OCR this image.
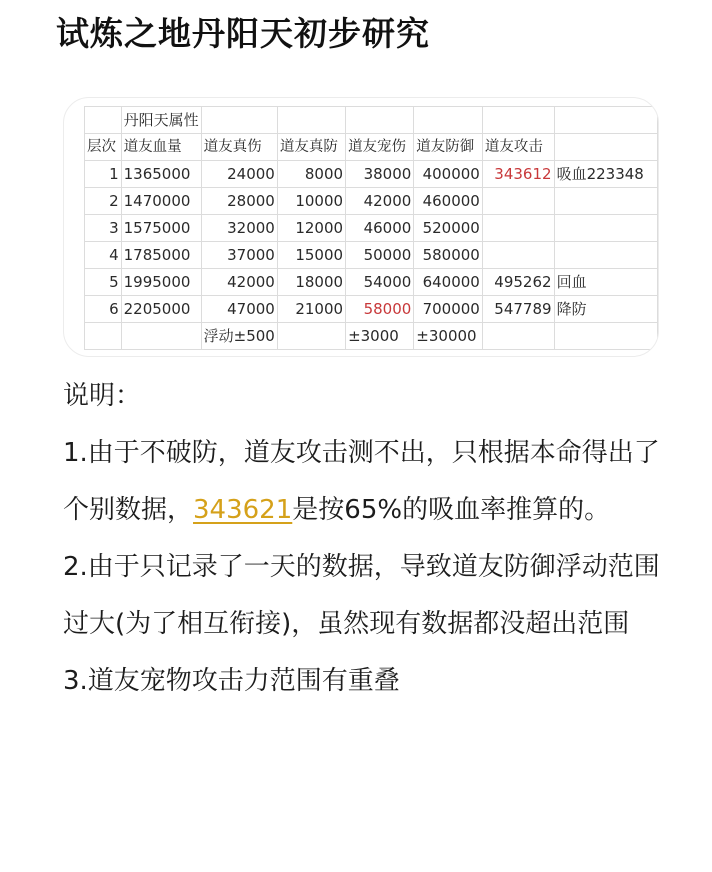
试炼之地丹阳天初步研究
	丹阳天属性						
层次	道友血量	道友真伤	道友真防	道友宠伤	道友防御	道友攻击	
1	1365000	24000	8000	38000	400000	343612	吸血223348
2	1470000	28000	10000	42000	460000		
3	1575000	32000	12000	46000	520000		
4	1785000	37000	15000	50000	580000		
5	1995000	42000	18000	54000	640000	495262	回血
6	2205000	47000	21000	58000	700000	547789	降防
		浮动±500		±3000	±30000		

说明：

1.由于不破防，道友攻击测不出，只根据本命得出了个别数据，343621是按65%的吸血率推算的。

2.由于只记录了一天的数据，导致道友防御浮动范围过大(为了相互衔接)，虽然现有数据都没超出范围

3.道友宠物攻击力范围有重叠
